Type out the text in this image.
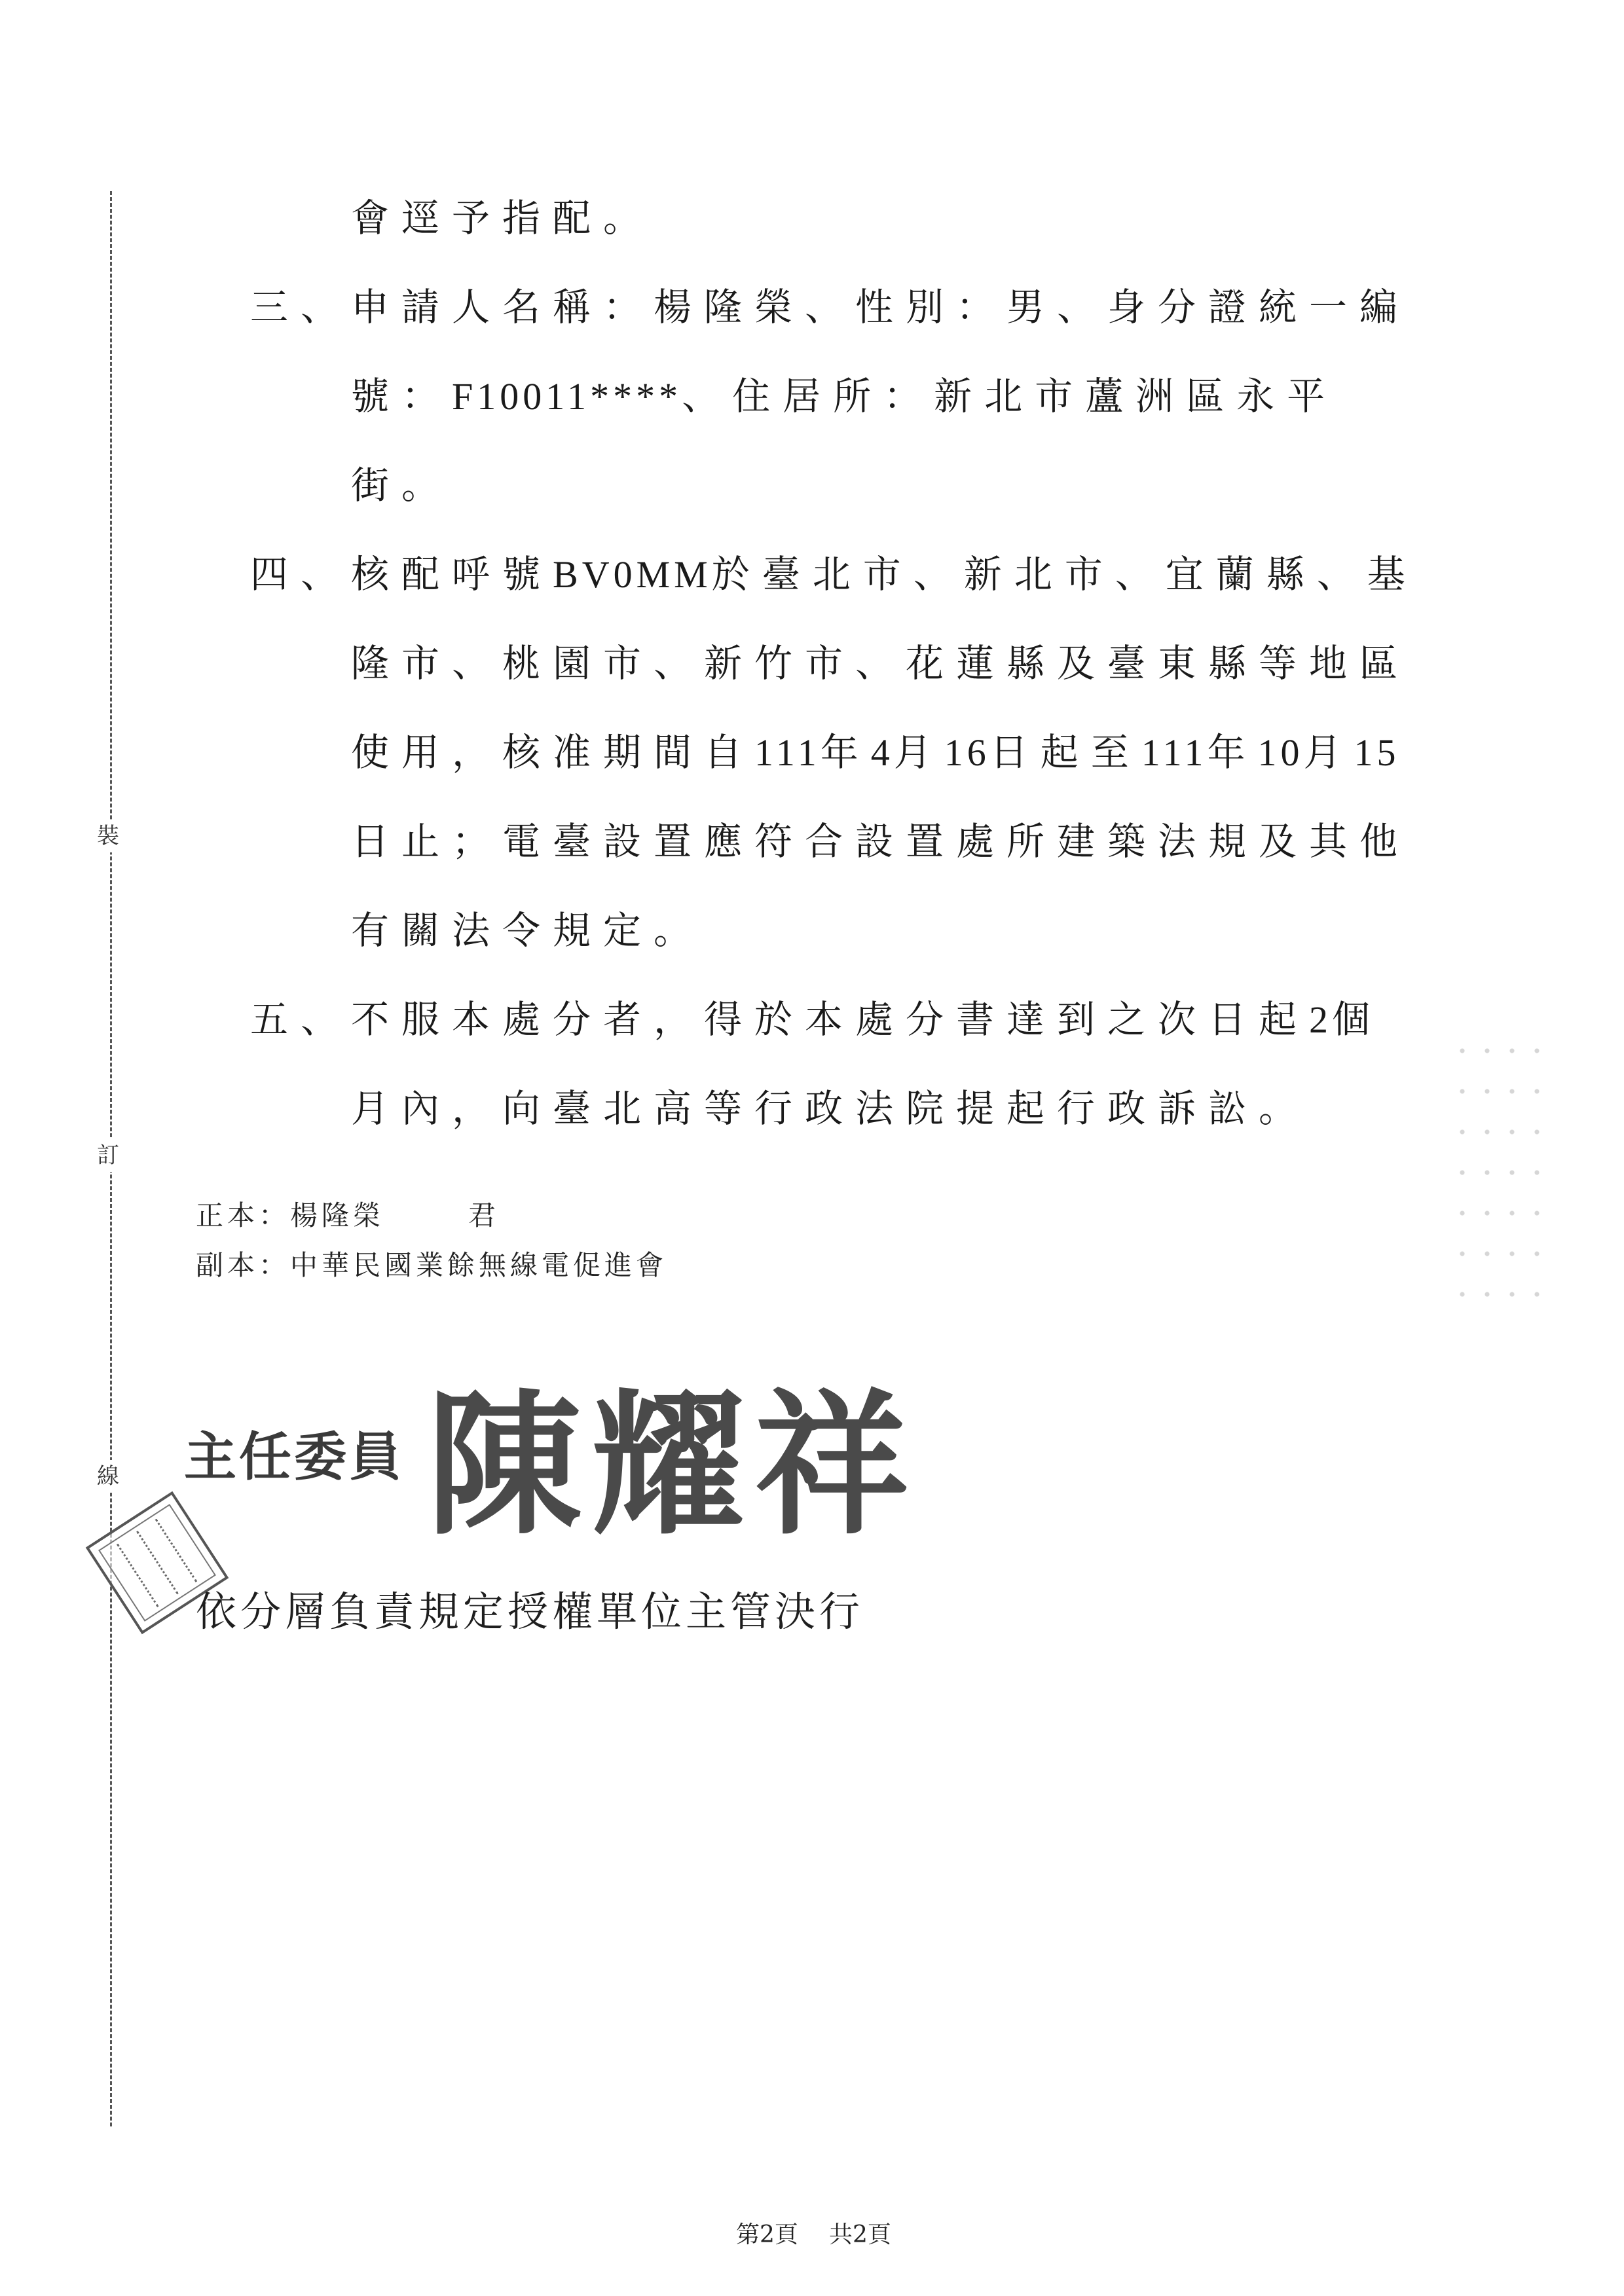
裝
訂
線
會逕予指配。
三、申請人名稱：楊隆榮、性別：男、身分證統一編
號：F10011****、住居所：新北市蘆洲區永平
街。
四、核配呼號BV0MM於臺北市、新北市、宜蘭縣、基
隆市、桃園市、新竹市、花蓮縣及臺東縣等地區
使用，核准期間自111年4月16日起至111年10月15
日止；電臺設置應符合設置處所建築法規及其他
有關法令規定。
五、不服本處分者，得於本處分書達到之次日起2個
月內，向臺北高等行政法院提起行政訴訟。
正本：楊隆榮	君
副本：中華民國業餘無線電促進會
主任委員 陳耀祥
依分層負責規定授權單位主管決行
第2頁 共2頁
